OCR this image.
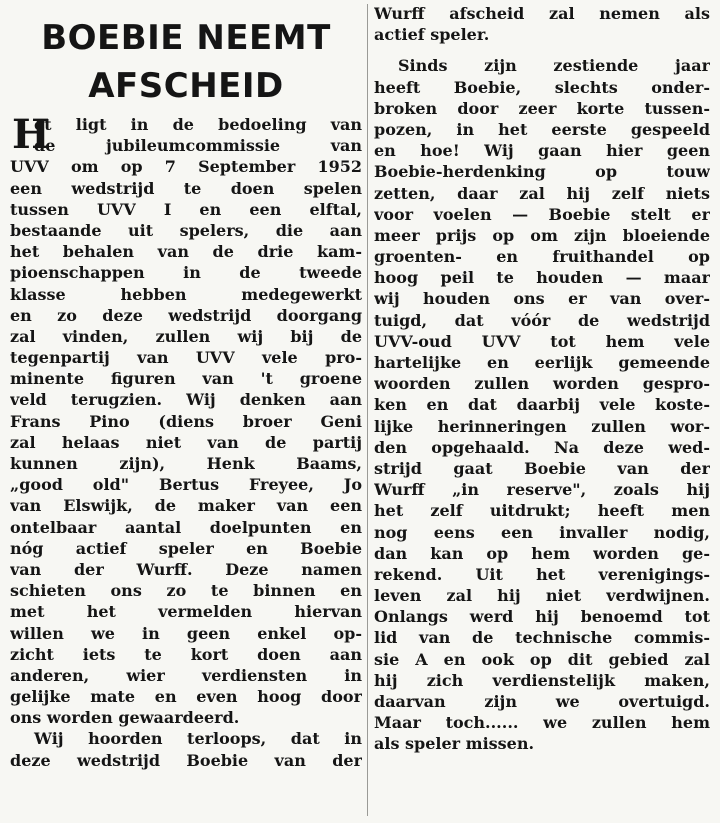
BOEBIE NEEMT
AFSCHEID
H
et ligt in de bedoeling van
de jubileumcommissie van
UVV om op 7 September 1952
een wedstrijd te doen spelen
tussen UVV I en een elftal,
bestaande uit spelers, die aan
het behalen van de drie kam-
pioenschappen in de tweede
klasse hebben medegewerkt
en zo deze wedstrijd doorgang
zal vinden, zullen wij bij de
tegenpartij van UVV vele pro-
minente figuren van 't groene
veld terugzien. Wij denken aan
Frans Pino (diens broer Geni
zal helaas niet van de partij
kunnen zijn), Henk Baams,
„good old" Bertus Freyee, Jo
van Elswijk, de maker van een
ontelbaar aantal doelpunten en
nóg actief speler en Boebie
van der Wurff. Deze namen
schieten ons zo te binnen en
met het vermelden hiervan
willen we in geen enkel op-
zicht iets te kort doen aan
anderen, wier verdiensten in
gelijke mate en even hoog door
ons worden gewaardeerd.
Wij hoorden terloops, dat in
deze wedstrijd Boebie van der
Wurff afscheid zal nemen als
actief speler.
Sinds zijn zestiende jaar
heeft Boebie, slechts onder-
broken door zeer korte tussen-
pozen, in het eerste gespeeld
en hoe! Wij gaan hier geen
Boebie-herdenking op touw
zetten, daar zal hij zelf niets
voor voelen — Boebie stelt er
meer prijs op om zijn bloeiende
groenten- en fruithandel op
hoog peil te houden — maar
wij houden ons er van over-
tuigd, dat vóór de wedstrijd
UVV-oud UVV tot hem vele
hartelijke en eerlijk gemeende
woorden zullen worden gespro-
ken en dat daarbij vele koste-
lijke herinneringen zullen wor-
den opgehaald. Na deze wed-
strijd gaat Boebie van der
Wurff „in reserve", zoals hij
het zelf uitdrukt; heeft men
nog eens een invaller nodig,
dan kan op hem worden ge-
rekend. Uit het verenigings-
leven zal hij niet verdwijnen.
Onlangs werd hij benoemd tot
lid van de technische commis-
sie A en ook op dit gebied zal
hij zich verdienstelijk maken,
daarvan zijn we overtuigd.
Maar toch...... we zullen hem
als speler missen.
